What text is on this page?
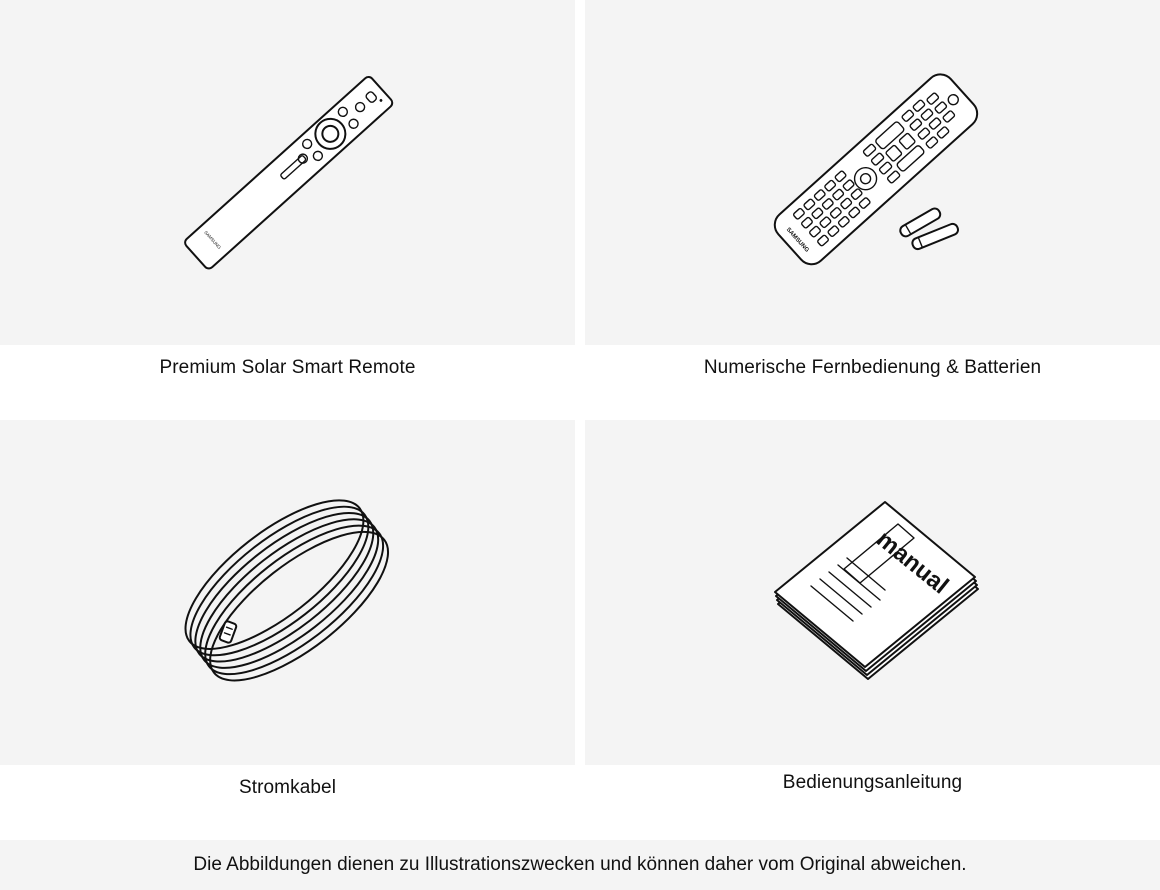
SAMSUNG
Premium Solar Smart Remote
SAMSUNG
Numerische Fernbedienung & Batterien
Stromkabel
manual
Bedienungsanleitung
Die Abbildungen dienen zu Illustrationszwecken und können daher vom Original abweichen.
